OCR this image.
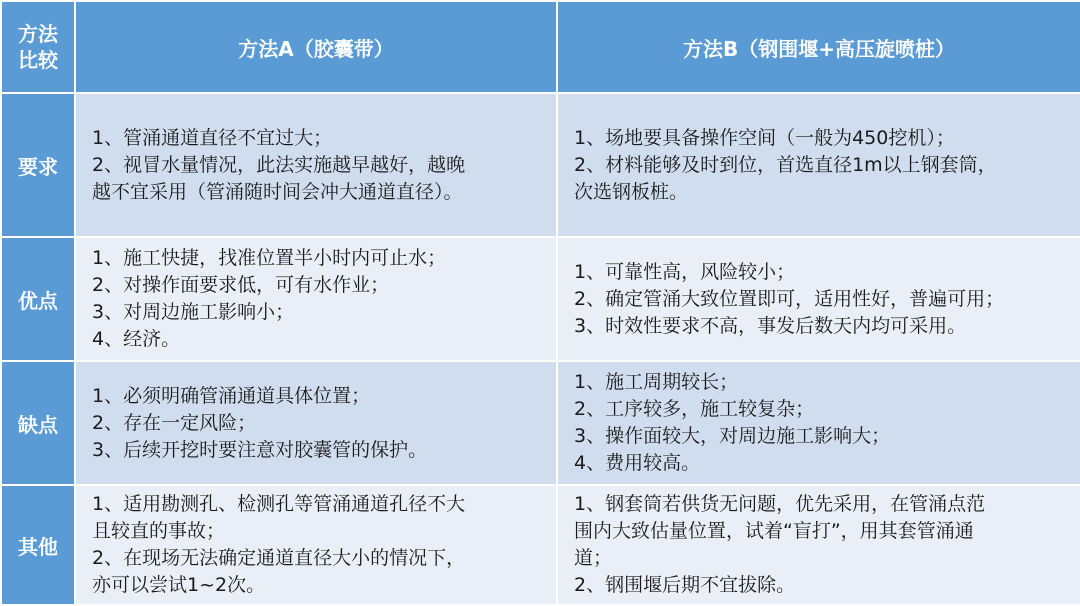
方法
比较	方法A（胶囊带）	方法B（钢围堰+高压旋喷桩）
要求	1、管涌通道直径不宜过大；
2、视冒水量情况，此法实施越早越好，越晚
越不宜采用（管涌随时间会冲大通道直径）。	1、场地要具备操作空间（一般为450挖机）；
2、材料能够及时到位，首选直径1m以上钢套筒，
次选钢板桩。

优点	1、施工快捷，找准位置半小时内可止水；
2、对操作面要求低，可有水作业；
3、对周边施工影响小；
4、经济。	1、可靠性高，风险较小；
2、确定管涌大致位置即可，适用性好，普遍可用；
3、时效性要求不高，事发后数天内均可采用。

缺点	1、必须明确管涌通道具体位置；
2、存在一定风险；
3、后续开挖时要注意对胶囊管的保护。	1、施工周期较长；
2、工序较多，施工较复杂；
3、操作面较大，对周边施工影响大；
4、费用较高。

其他	1、适用勘测孔、检测孔等管涌通道孔径不大
且较直的事故；
2、在现场无法确定通道直径大小的情况下，
亦可以尝试1~2次。	1、钢套筒若供货无问题，优先采用，在管涌点范
围内大致估量位置，试着“盲打”，用其套管涌通
道；
2、钢围堰后期不宜拔除。
